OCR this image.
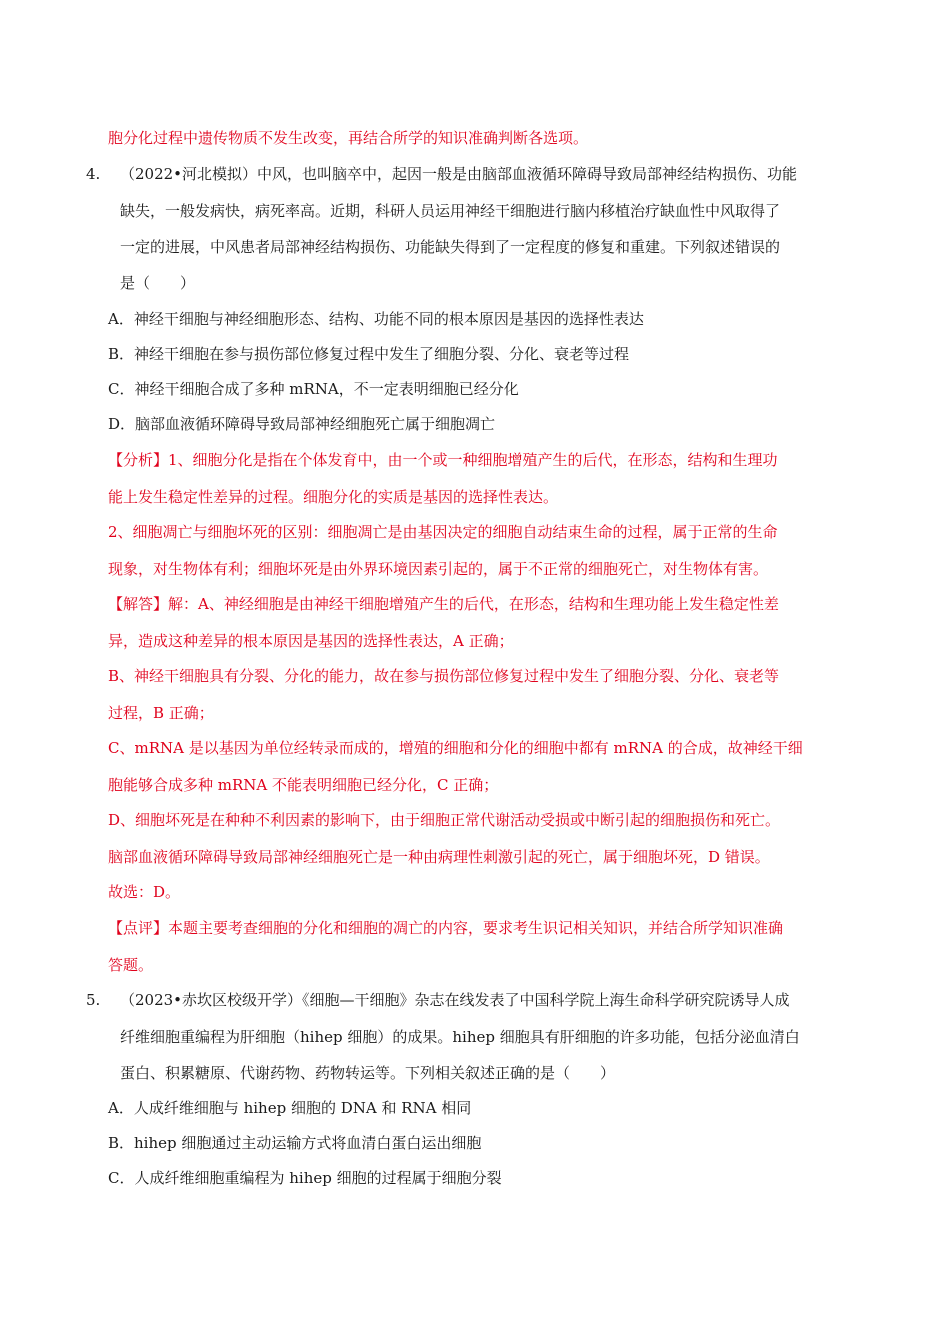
胞分化过程中遗传物质不发生改变，再结合所学的知识准确判断各选项。
4. （2022•河北模拟）中风，也叫脑卒中，起因一般是由脑部血液循环障碍导致局部神经结构损伤、功能
缺失，一般发病快，病死率高。近期，科研人员运用神经干细胞进行脑内移植治疗缺血性中风取得了
一定的进展，中风患者局部神经结构损伤、功能缺失得到了一定程度的修复和重建。下列叙述错误的
是（　　）
A．神经干细胞与神经细胞形态、结构、功能不同的根本原因是基因的选择性表达
B．神经干细胞在参与损伤部位修复过程中发生了细胞分裂、分化、衰老等过程
C．神经干细胞合成了多种 mRNA，不一定表明细胞已经分化
D．脑部血液循环障碍导致局部神经细胞死亡属于细胞凋亡
【分析】1、细胞分化是指在个体发育中，由一个或一种细胞增殖产生的后代，在形态，结构和生理功
能上发生稳定性差异的过程。细胞分化的实质是基因的选择性表达。
2、细胞凋亡与细胞坏死的区别：细胞凋亡是由基因决定的细胞自动结束生命的过程，属于正常的生命
现象，对生物体有利；细胞坏死是由外界环境因素引起的，属于不正常的细胞死亡，对生物体有害。
【解答】解：A、神经细胞是由神经干细胞增殖产生的后代，在形态，结构和生理功能上发生稳定性差
异，造成这种差异的根本原因是基因的选择性表达，A 正确；
B、神经干细胞具有分裂、分化的能力，故在参与损伤部位修复过程中发生了细胞分裂、分化、衰老等
过程，B 正确；
C、mRNA 是以基因为单位经转录而成的，增殖的细胞和分化的细胞中都有 mRNA 的合成，故神经干细
胞能够合成多种 mRNA 不能表明细胞已经分化，C 正确；
D、细胞坏死是在种种不利因素的影响下，由于细胞正常代谢活动受损或中断引起的细胞损伤和死亡。
脑部血液循环障碍导致局部神经细胞死亡是一种由病理性刺激引起的死亡，属于细胞坏死，D 错误。
故选：D。
【点评】本题主要考查细胞的分化和细胞的凋亡的内容，要求考生识记相关知识，并结合所学知识准确
答题。
5. （2023•赤坎区校级开学）《细胞—干细胞》杂志在线发表了中国科学院上海生命科学研究院诱导人成
纤维细胞重编程为肝细胞（hihep 细胞）的成果。hihep 细胞具有肝细胞的许多功能，包括分泌血清白
蛋白、积累糖原、代谢药物、药物转运等。下列相关叙述正确的是（　　）
A．人成纤维细胞与 hihep 细胞的 DNA 和 RNA 相同
B．hihep 细胞通过主动运输方式将血清白蛋白运出细胞
C．人成纤维细胞重编程为 hihep 细胞的过程属于细胞分裂
